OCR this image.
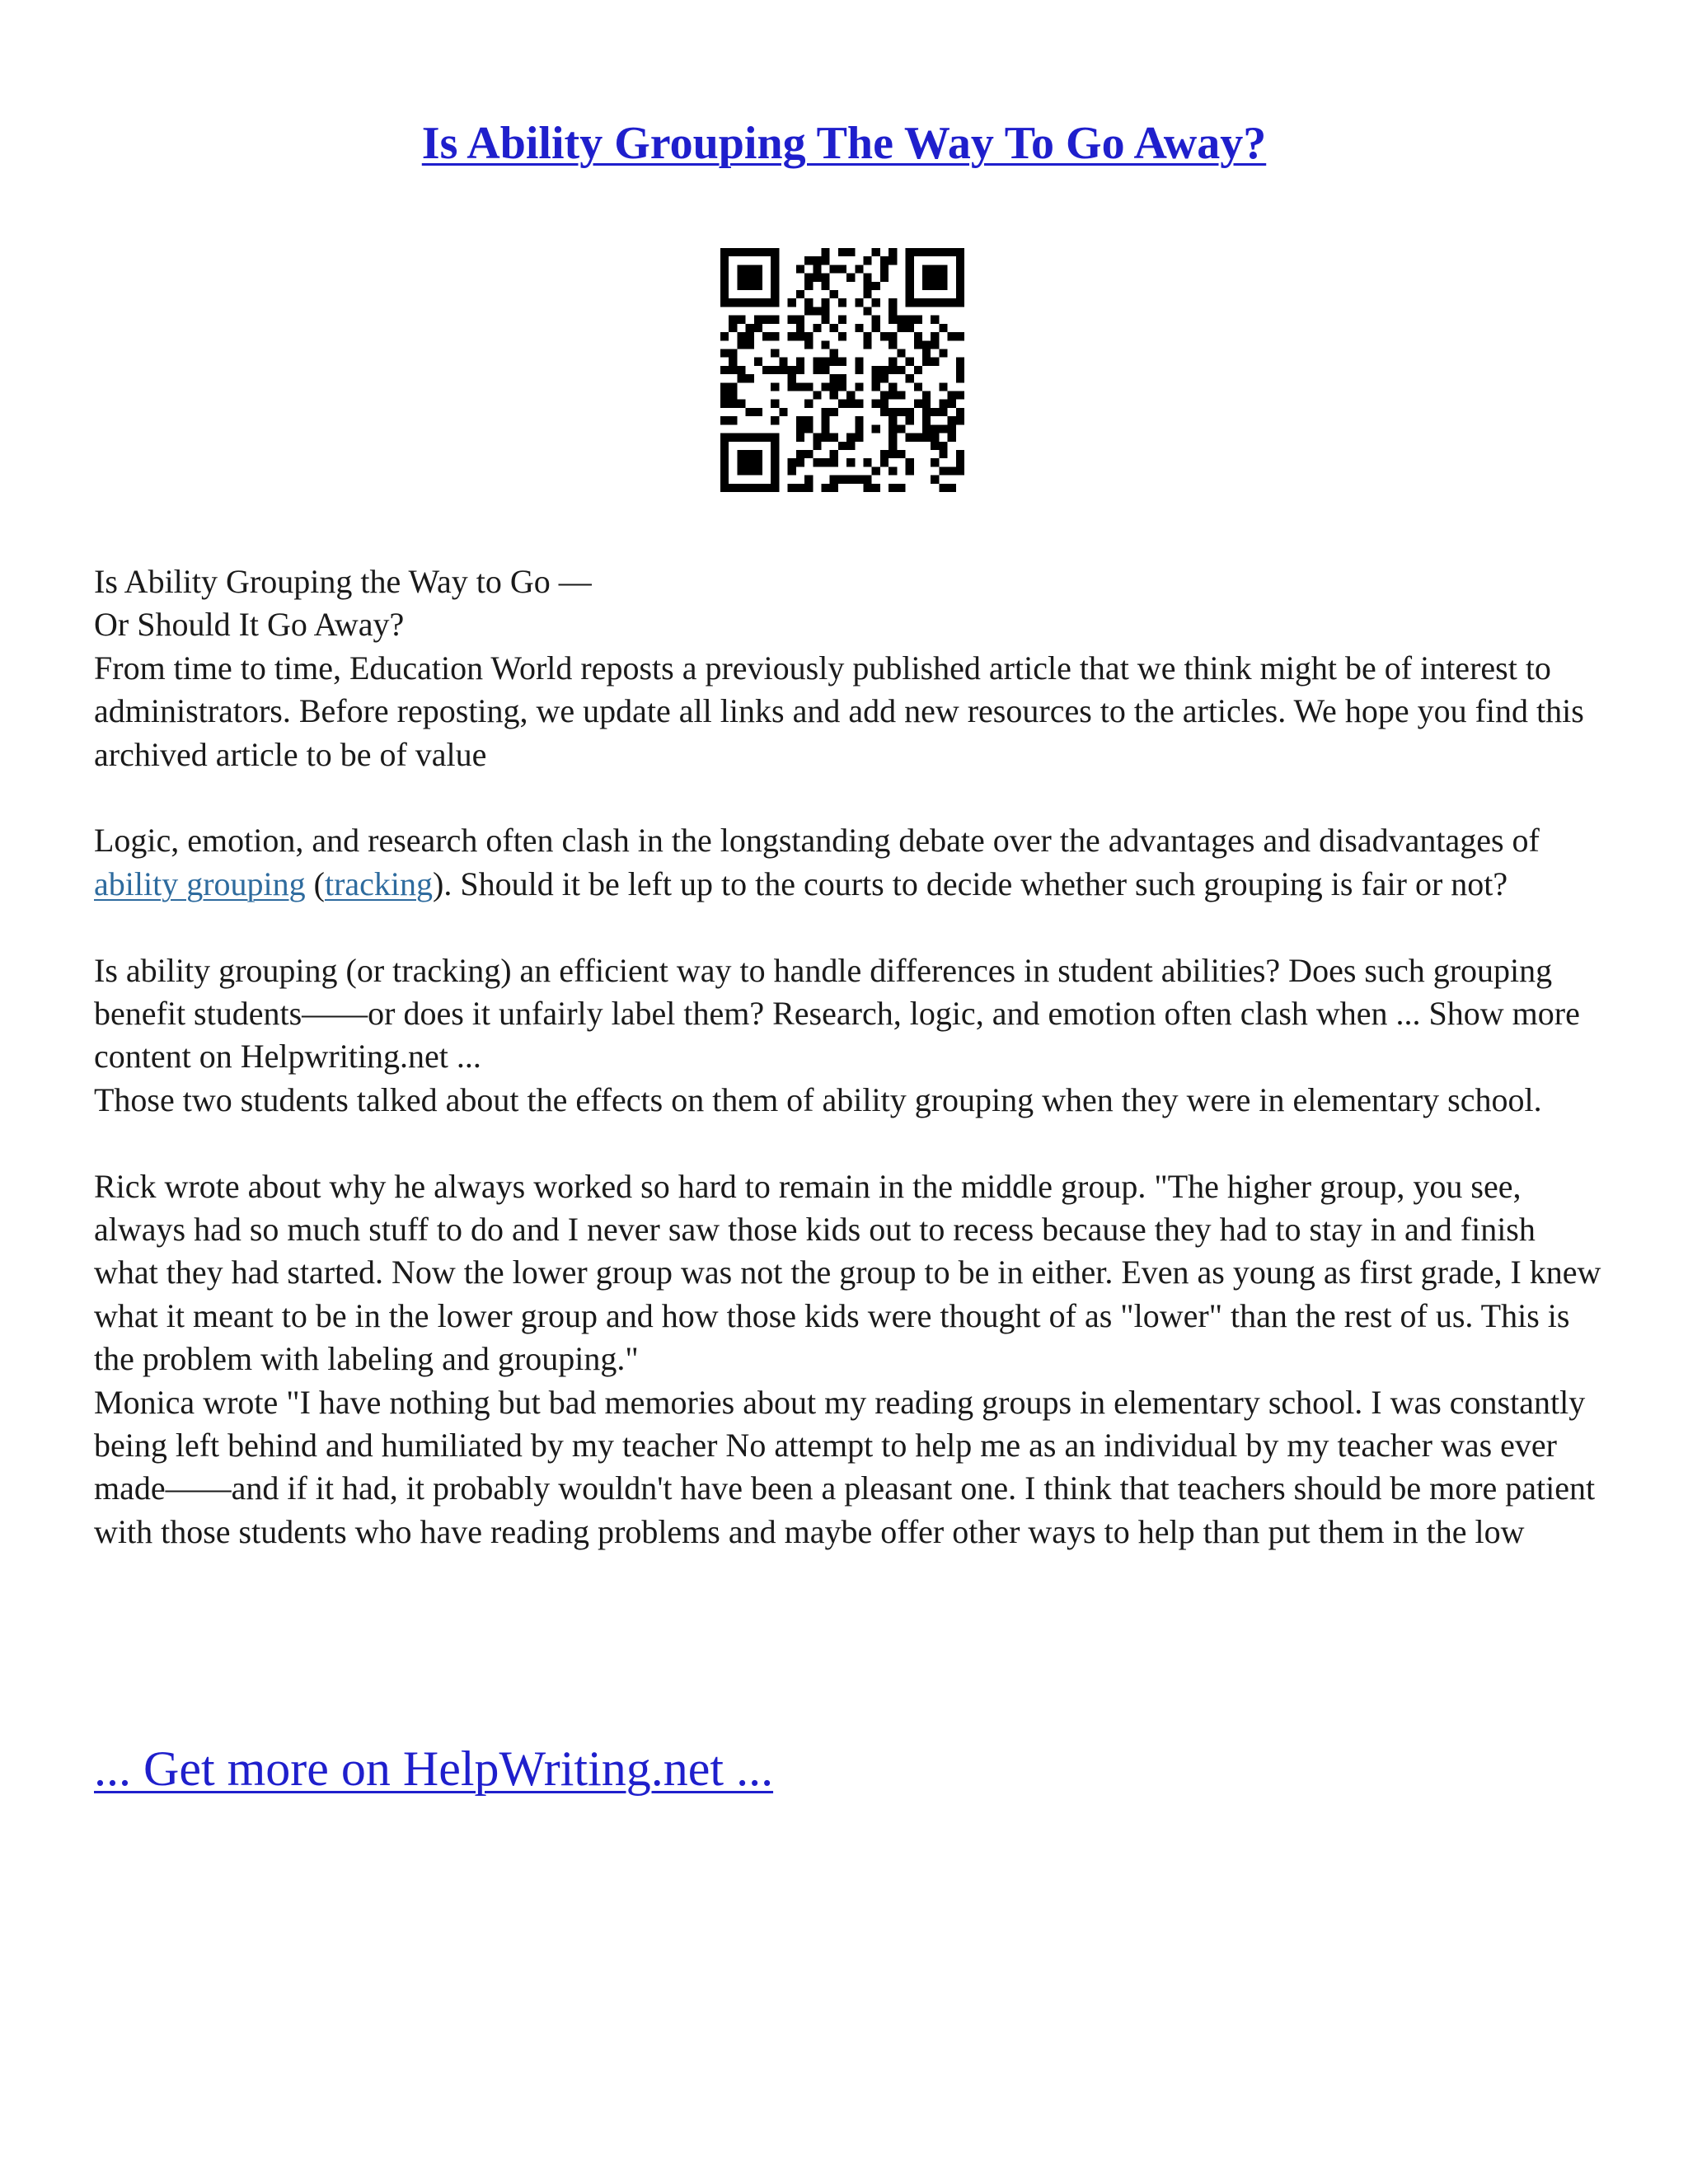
Is Ability Grouping The Way To Go Away?

Is Ability Grouping the Way to Go —

Or Should It Go Away?

From time to time, Education World reposts a previously published article that we think might be of interest to administrators. Before reposting, we update all links and add new resources to the articles. We hope you find this archived article to be of value

Logic, emotion, and research often clash in the longstanding debate over the advantages and disadvantages of ability grouping (tracking). Should it be left up to the courts to decide whether such grouping is fair or not?

Is ability grouping (or tracking) an efficient way to handle differences in student abilities? Does such grouping benefit students——or does it unfairly label them? Research, logic, and emotion often clash when ... Show more content on Helpwriting.net ...

Those two students talked about the effects on them of ability grouping when they were in elementary school.

Rick wrote about why he always worked so hard to remain in the middle group. "The higher group, you see, always had so much stuff to do and I never saw those kids out to recess because they had to stay in and finish what they had started. Now the lower group was not the group to be in either. Even as young as first grade, I knew what it meant to be in the lower group and how those kids were thought of as "lower" than the rest of us. This is the problem with labeling and grouping."

Monica wrote "I have nothing but bad memories about my reading groups in elementary school. I was constantly being left behind and humiliated by my teacher No attempt to help me as an individual by my teacher was ever made——and if it had, it probably wouldn't have been a pleasant one. I think that teachers should be more patient with those students who have reading problems and maybe offer other ways to help than put them in the low

... Get more on HelpWriting.net ...
